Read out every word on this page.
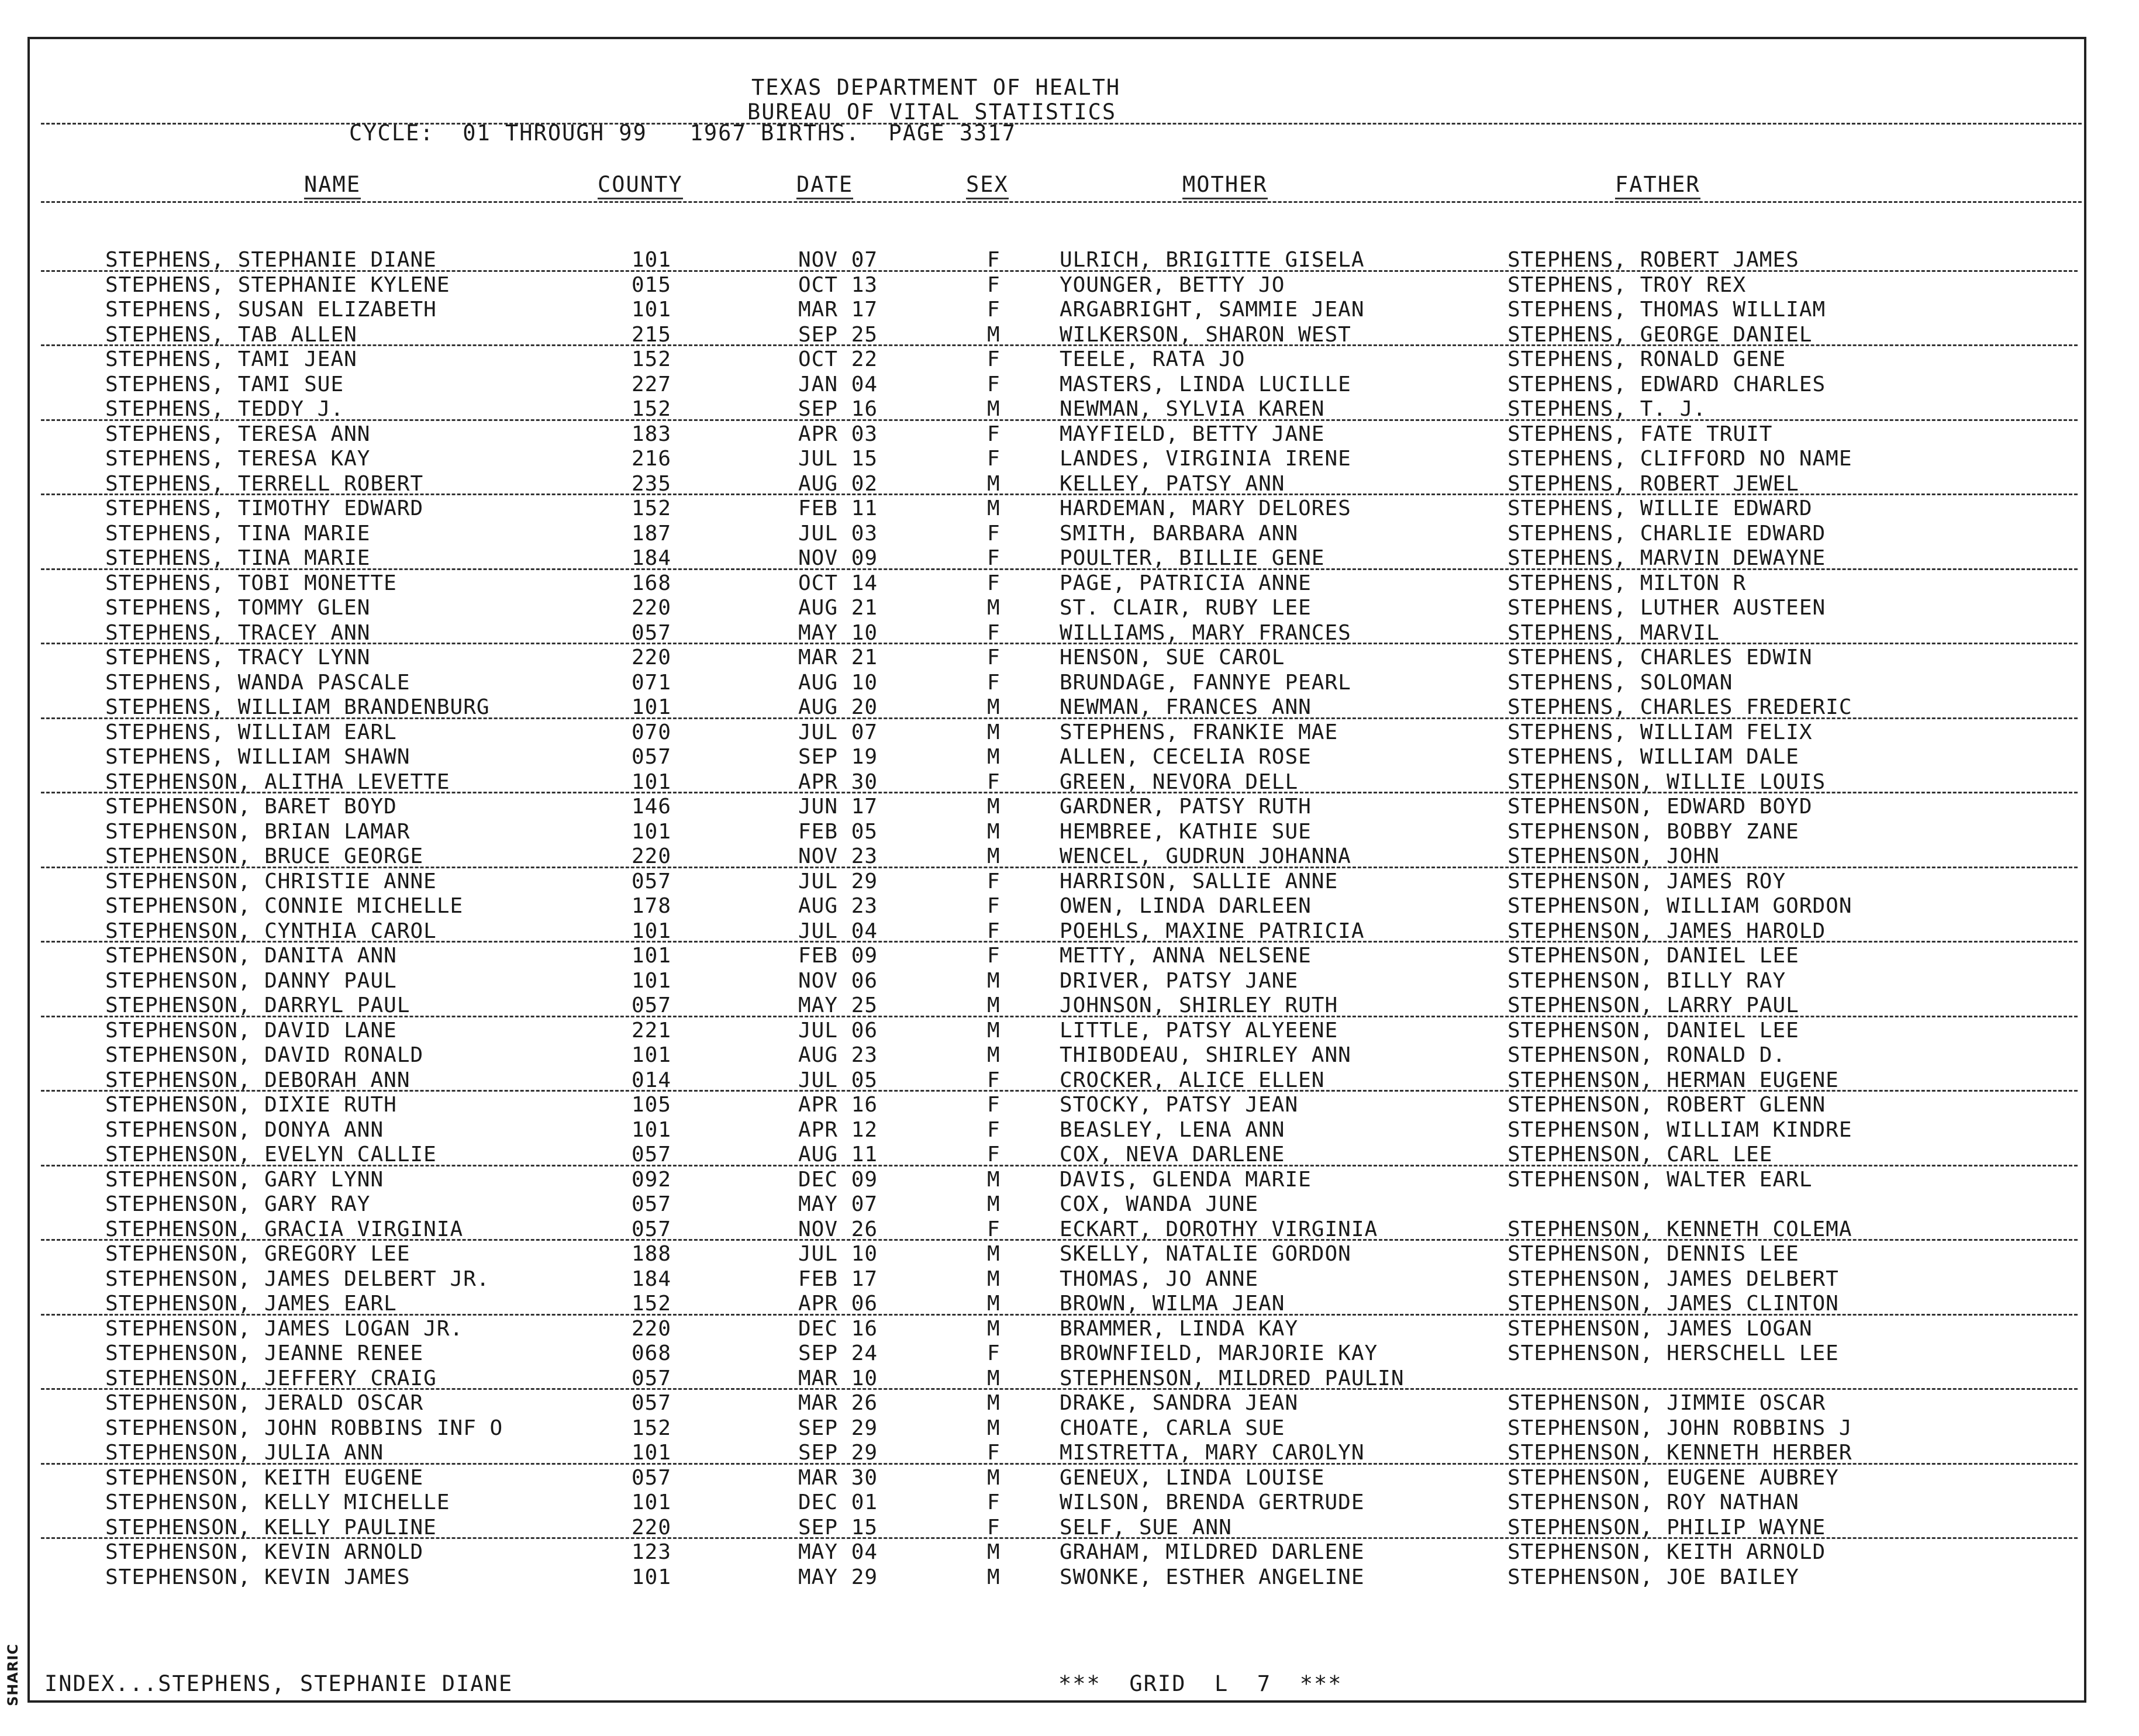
TEXAS DEPARTMENT OF HEALTH
BUREAU OF VITAL STATISTICS
CYCLE:  01 THROUGH 99   1967 BIRTHS.  PAGE 3317
NAME	COUNTY	DATE	SEX	MOTHER	FATHER
STEPHENS, STEPHANIE DIANE	101	NOV 07	F	ULRICH, BRIGITTE GISELA	STEPHENS, ROBERT JAMES
STEPHENS, STEPHANIE KYLENE	015	OCT 13	F	YOUNGER, BETTY JO	STEPHENS, TROY REX
STEPHENS, SUSAN ELIZABETH	101	MAR 17	F	ARGABRIGHT, SAMMIE JEAN	STEPHENS, THOMAS WILLIAM
STEPHENS, TAB ALLEN	215	SEP 25	M	WILKERSON, SHARON WEST	STEPHENS, GEORGE DANIEL
STEPHENS, TAMI JEAN	152	OCT 22	F	TEELE, RATA JO	STEPHENS, RONALD GENE
STEPHENS, TAMI SUE	227	JAN 04	F	MASTERS, LINDA LUCILLE	STEPHENS, EDWARD CHARLES
STEPHENS, TEDDY J.	152	SEP 16	M	NEWMAN, SYLVIA KAREN	STEPHENS, T. J.
STEPHENS, TERESA ANN	183	APR 03	F	MAYFIELD, BETTY JANE	STEPHENS, FATE TRUIT
STEPHENS, TERESA KAY	216	JUL 15	F	LANDES, VIRGINIA IRENE	STEPHENS, CLIFFORD NO NAME
STEPHENS, TERRELL ROBERT	235	AUG 02	M	KELLEY, PATSY ANN	STEPHENS, ROBERT JEWEL
STEPHENS, TIMOTHY EDWARD	152	FEB 11	M	HARDEMAN, MARY DELORES	STEPHENS, WILLIE EDWARD
STEPHENS, TINA MARIE	187	JUL 03	F	SMITH, BARBARA ANN	STEPHENS, CHARLIE EDWARD
STEPHENS, TINA MARIE	184	NOV 09	F	POULTER, BILLIE GENE	STEPHENS, MARVIN DEWAYNE
STEPHENS, TOBI MONETTE	168	OCT 14	F	PAGE, PATRICIA ANNE	STEPHENS, MILTON R
STEPHENS, TOMMY GLEN	220	AUG 21	M	ST. CLAIR, RUBY LEE	STEPHENS, LUTHER AUSTEEN
STEPHENS, TRACEY ANN	057	MAY 10	F	WILLIAMS, MARY FRANCES	STEPHENS, MARVIL
STEPHENS, TRACY LYNN	220	MAR 21	F	HENSON, SUE CAROL	STEPHENS, CHARLES EDWIN
STEPHENS, WANDA PASCALE	071	AUG 10	F	BRUNDAGE, FANNYE PEARL	STEPHENS, SOLOMAN
STEPHENS, WILLIAM BRANDENBURG	101	AUG 20	M	NEWMAN, FRANCES ANN	STEPHENS, CHARLES FREDERIC
STEPHENS, WILLIAM EARL	070	JUL 07	M	STEPHENS, FRANKIE MAE	STEPHENS, WILLIAM FELIX
STEPHENS, WILLIAM SHAWN	057	SEP 19	M	ALLEN, CECELIA ROSE	STEPHENS, WILLIAM DALE
STEPHENSON, ALITHA LEVETTE	101	APR 30	F	GREEN, NEVORA DELL	STEPHENSON, WILLIE LOUIS
STEPHENSON, BARET BOYD	146	JUN 17	M	GARDNER, PATSY RUTH	STEPHENSON, EDWARD BOYD
STEPHENSON, BRIAN LAMAR	101	FEB 05	M	HEMBREE, KATHIE SUE	STEPHENSON, BOBBY ZANE
STEPHENSON, BRUCE GEORGE	220	NOV 23	M	WENCEL, GUDRUN JOHANNA	STEPHENSON, JOHN
STEPHENSON, CHRISTIE ANNE	057	JUL 29	F	HARRISON, SALLIE ANNE	STEPHENSON, JAMES ROY
STEPHENSON, CONNIE MICHELLE	178	AUG 23	F	OWEN, LINDA DARLEEN	STEPHENSON, WILLIAM GORDON
STEPHENSON, CYNTHIA CAROL	101	JUL 04	F	POEHLS, MAXINE PATRICIA	STEPHENSON, JAMES HAROLD
STEPHENSON, DANITA ANN	101	FEB 09	F	METTY, ANNA NELSENE	STEPHENSON, DANIEL LEE
STEPHENSON, DANNY PAUL	101	NOV 06	M	DRIVER, PATSY JANE	STEPHENSON, BILLY RAY
STEPHENSON, DARRYL PAUL	057	MAY 25	M	JOHNSON, SHIRLEY RUTH	STEPHENSON, LARRY PAUL
STEPHENSON, DAVID LANE	221	JUL 06	M	LITTLE, PATSY ALYEENE	STEPHENSON, DANIEL LEE
STEPHENSON, DAVID RONALD	101	AUG 23	M	THIBODEAU, SHIRLEY ANN	STEPHENSON, RONALD D.
STEPHENSON, DEBORAH ANN	014	JUL 05	F	CROCKER, ALICE ELLEN	STEPHENSON, HERMAN EUGENE
STEPHENSON, DIXIE RUTH	105	APR 16	F	STOCKY, PATSY JEAN	STEPHENSON, ROBERT GLENN
STEPHENSON, DONYA ANN	101	APR 12	F	BEASLEY, LENA ANN	STEPHENSON, WILLIAM KINDRE
STEPHENSON, EVELYN CALLIE	057	AUG 11	F	COX, NEVA DARLENE	STEPHENSON, CARL LEE
STEPHENSON, GARY LYNN	092	DEC 09	M	DAVIS, GLENDA MARIE	STEPHENSON, WALTER EARL
STEPHENSON, GARY RAY	057	MAY 07	M	COX, WANDA JUNE
STEPHENSON, GRACIA VIRGINIA	057	NOV 26	F	ECKART, DOROTHY VIRGINIA	STEPHENSON, KENNETH COLEMA
STEPHENSON, GREGORY LEE	188	JUL 10	M	SKELLY, NATALIE GORDON	STEPHENSON, DENNIS LEE
STEPHENSON, JAMES DELBERT JR.	184	FEB 17	M	THOMAS, JO ANNE	STEPHENSON, JAMES DELBERT
STEPHENSON, JAMES EARL	152	APR 06	M	BROWN, WILMA JEAN	STEPHENSON, JAMES CLINTON
STEPHENSON, JAMES LOGAN JR.	220	DEC 16	M	BRAMMER, LINDA KAY	STEPHENSON, JAMES LOGAN
STEPHENSON, JEANNE RENEE	068	SEP 24	F	BROWNFIELD, MARJORIE KAY	STEPHENSON, HERSCHELL LEE
STEPHENSON, JEFFERY CRAIG	057	MAR 10	M	STEPHENSON, MILDRED PAULIN
STEPHENSON, JERALD OSCAR	057	MAR 26	M	DRAKE, SANDRA JEAN	STEPHENSON, JIMMIE OSCAR
STEPHENSON, JOHN ROBBINS INF O	152	SEP 29	M	CHOATE, CARLA SUE	STEPHENSON, JOHN ROBBINS J
STEPHENSON, JULIA ANN	101	SEP 29	F	MISTRETTA, MARY CAROLYN	STEPHENSON, KENNETH HERBER
STEPHENSON, KEITH EUGENE	057	MAR 30	M	GENEUX, LINDA LOUISE	STEPHENSON, EUGENE AUBREY
STEPHENSON, KELLY MICHELLE	101	DEC 01	F	WILSON, BRENDA GERTRUDE	STEPHENSON, ROY NATHAN
STEPHENSON, KELLY PAULINE	220	SEP 15	F	SELF, SUE ANN	STEPHENSON, PHILIP WAYNE
STEPHENSON, KEVIN ARNOLD	123	MAY 04	M	GRAHAM, MILDRED DARLENE	STEPHENSON, KEITH ARNOLD
STEPHENSON, KEVIN JAMES	101	MAY 29	M	SWONKE, ESTHER ANGELINE	STEPHENSON, JOE BAILEY
INDEX...STEPHENS, STEPHANIE DIANE	***  GRID  L  7  ***
SHARIC
